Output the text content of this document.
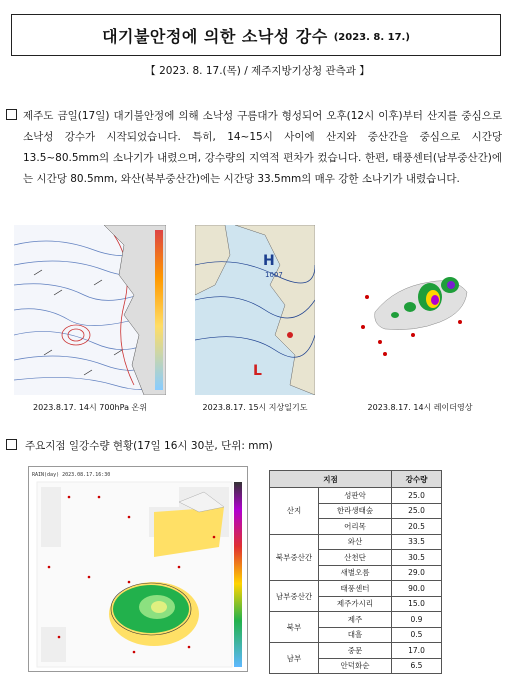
대기불안정에 의한 소낙성 강수 (2023. 8. 17.)
【 2023. 8. 17.(목) / 제주지방기상청 관측과 】

제주도 금일(17일) 대기불안정에 의해 소낙성 구름대가 형성되어 오후(12시 이후)부터 산지를 중심으로 소낙성 강수가 시작되었습니다. 특히, 14~15시 사이에 산지와 중산간을 중심으로 시간당 13.5~80.5mm의 소나기가 내렸으며, 강수량의 지역적 편차가 컸습니다. 한편, 태풍센터(남부중산간)에는 시간당 80.5mm, 와산(북부중산간)에는 시간당 33.5mm의 매우 강한 소나기가 내렸습니다.

2023.8.17. 14시 700hPa 온위
H
1007
L
2023.8.17. 15시 지상일기도	2023.8.17. 14시 레이더영상
주요지점 일강수량 현황(17일 16시 30분, 단위: mm)
RAIN(day) 2023.08.17.16:30	지점		강수량
산지	성판악	25.0
	한라생태숲	25.0
	어리목	20.5
북부중산간	와산	33.5
	산천단	30.5
	새별오름	29.0
남부중산간	태풍센터	90.0
	제주가시리	15.0
북부	제주	0.9
	대흘	0.5
남부	중문	17.0
	안덕화순	6.5
